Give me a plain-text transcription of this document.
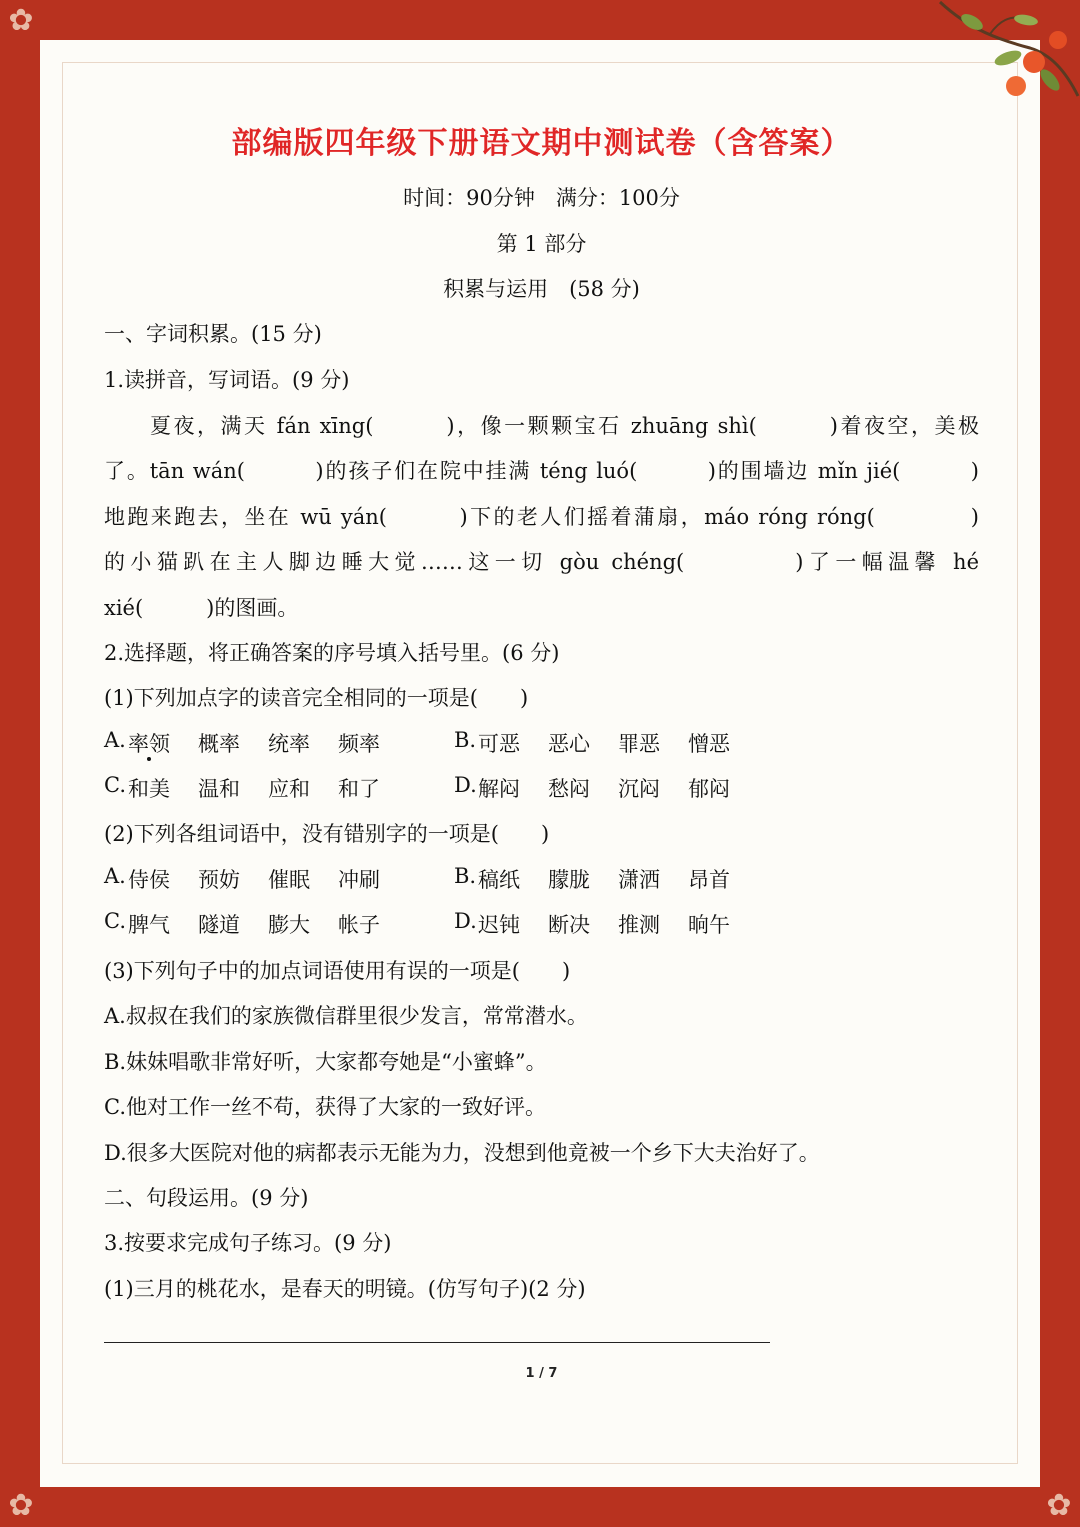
✿
✿	✿
部编版四年级下册语文期中测试卷（含答案）
时间：90分钟　满分：100分
第 1 部分
积累与运用　(58 分)
一、字词积累。(15 分)
1.读拼音，写词语。(9 分)
夏夜，满天 fán xīng(　　　)，像一颗颗宝石 zhuāng shì(　　　)着夜空，美极
了。tān wán(　　　)的孩子们在院中挂满 téng luó(　　　)的围墙边 mǐn jié(　　　)
地跑来跑去，坐在 wū yán(　　　)下的老人们摇着蒲扇，máo róng róng(　　　　)
的小猫趴在主人脚边睡大觉……这一切 gòu chéng(　　　　)了一幅温馨 hé
xié(　　　)的图画。
2.选择题，将正确答案的序号填入括号里。(6 分)
(1)下列加点字的读音完全相同的一项是(　　)
A. 率领 概率 统率 频率	B. 可恶 恶心 罪恶 憎恶
C. 和美 温和 应和 和了	D. 解闷 愁闷 沉闷 郁闷
(2)下列各组词语中，没有错别字的一项是(　　)
A. 侍侯 预妨 催眠 冲刷	B. 稿纸 朦胧 潇洒 昂首
C. 脾气 隧道 膨大 帐子	D. 迟钝 断决 推测 晌午
(3)下列句子中的加点词语使用有误的一项是(　　)
A.叔叔在我们的家族微信群里很少发言，常常潜水。
B.妹妹唱歌非常好听，大家都夸她是“小蜜蜂”。
C.他对工作一丝不苟，获得了大家的一致好评。
D.很多大医院对他的病都表示无能为力，没想到他竟被一个乡下大夫治好了。
二、句段运用。(9 分)
3.按要求完成句子练习。(9 分)
(1)三月的桃花水，是春天的明镜。(仿写句子)(2 分)
1 / 7
